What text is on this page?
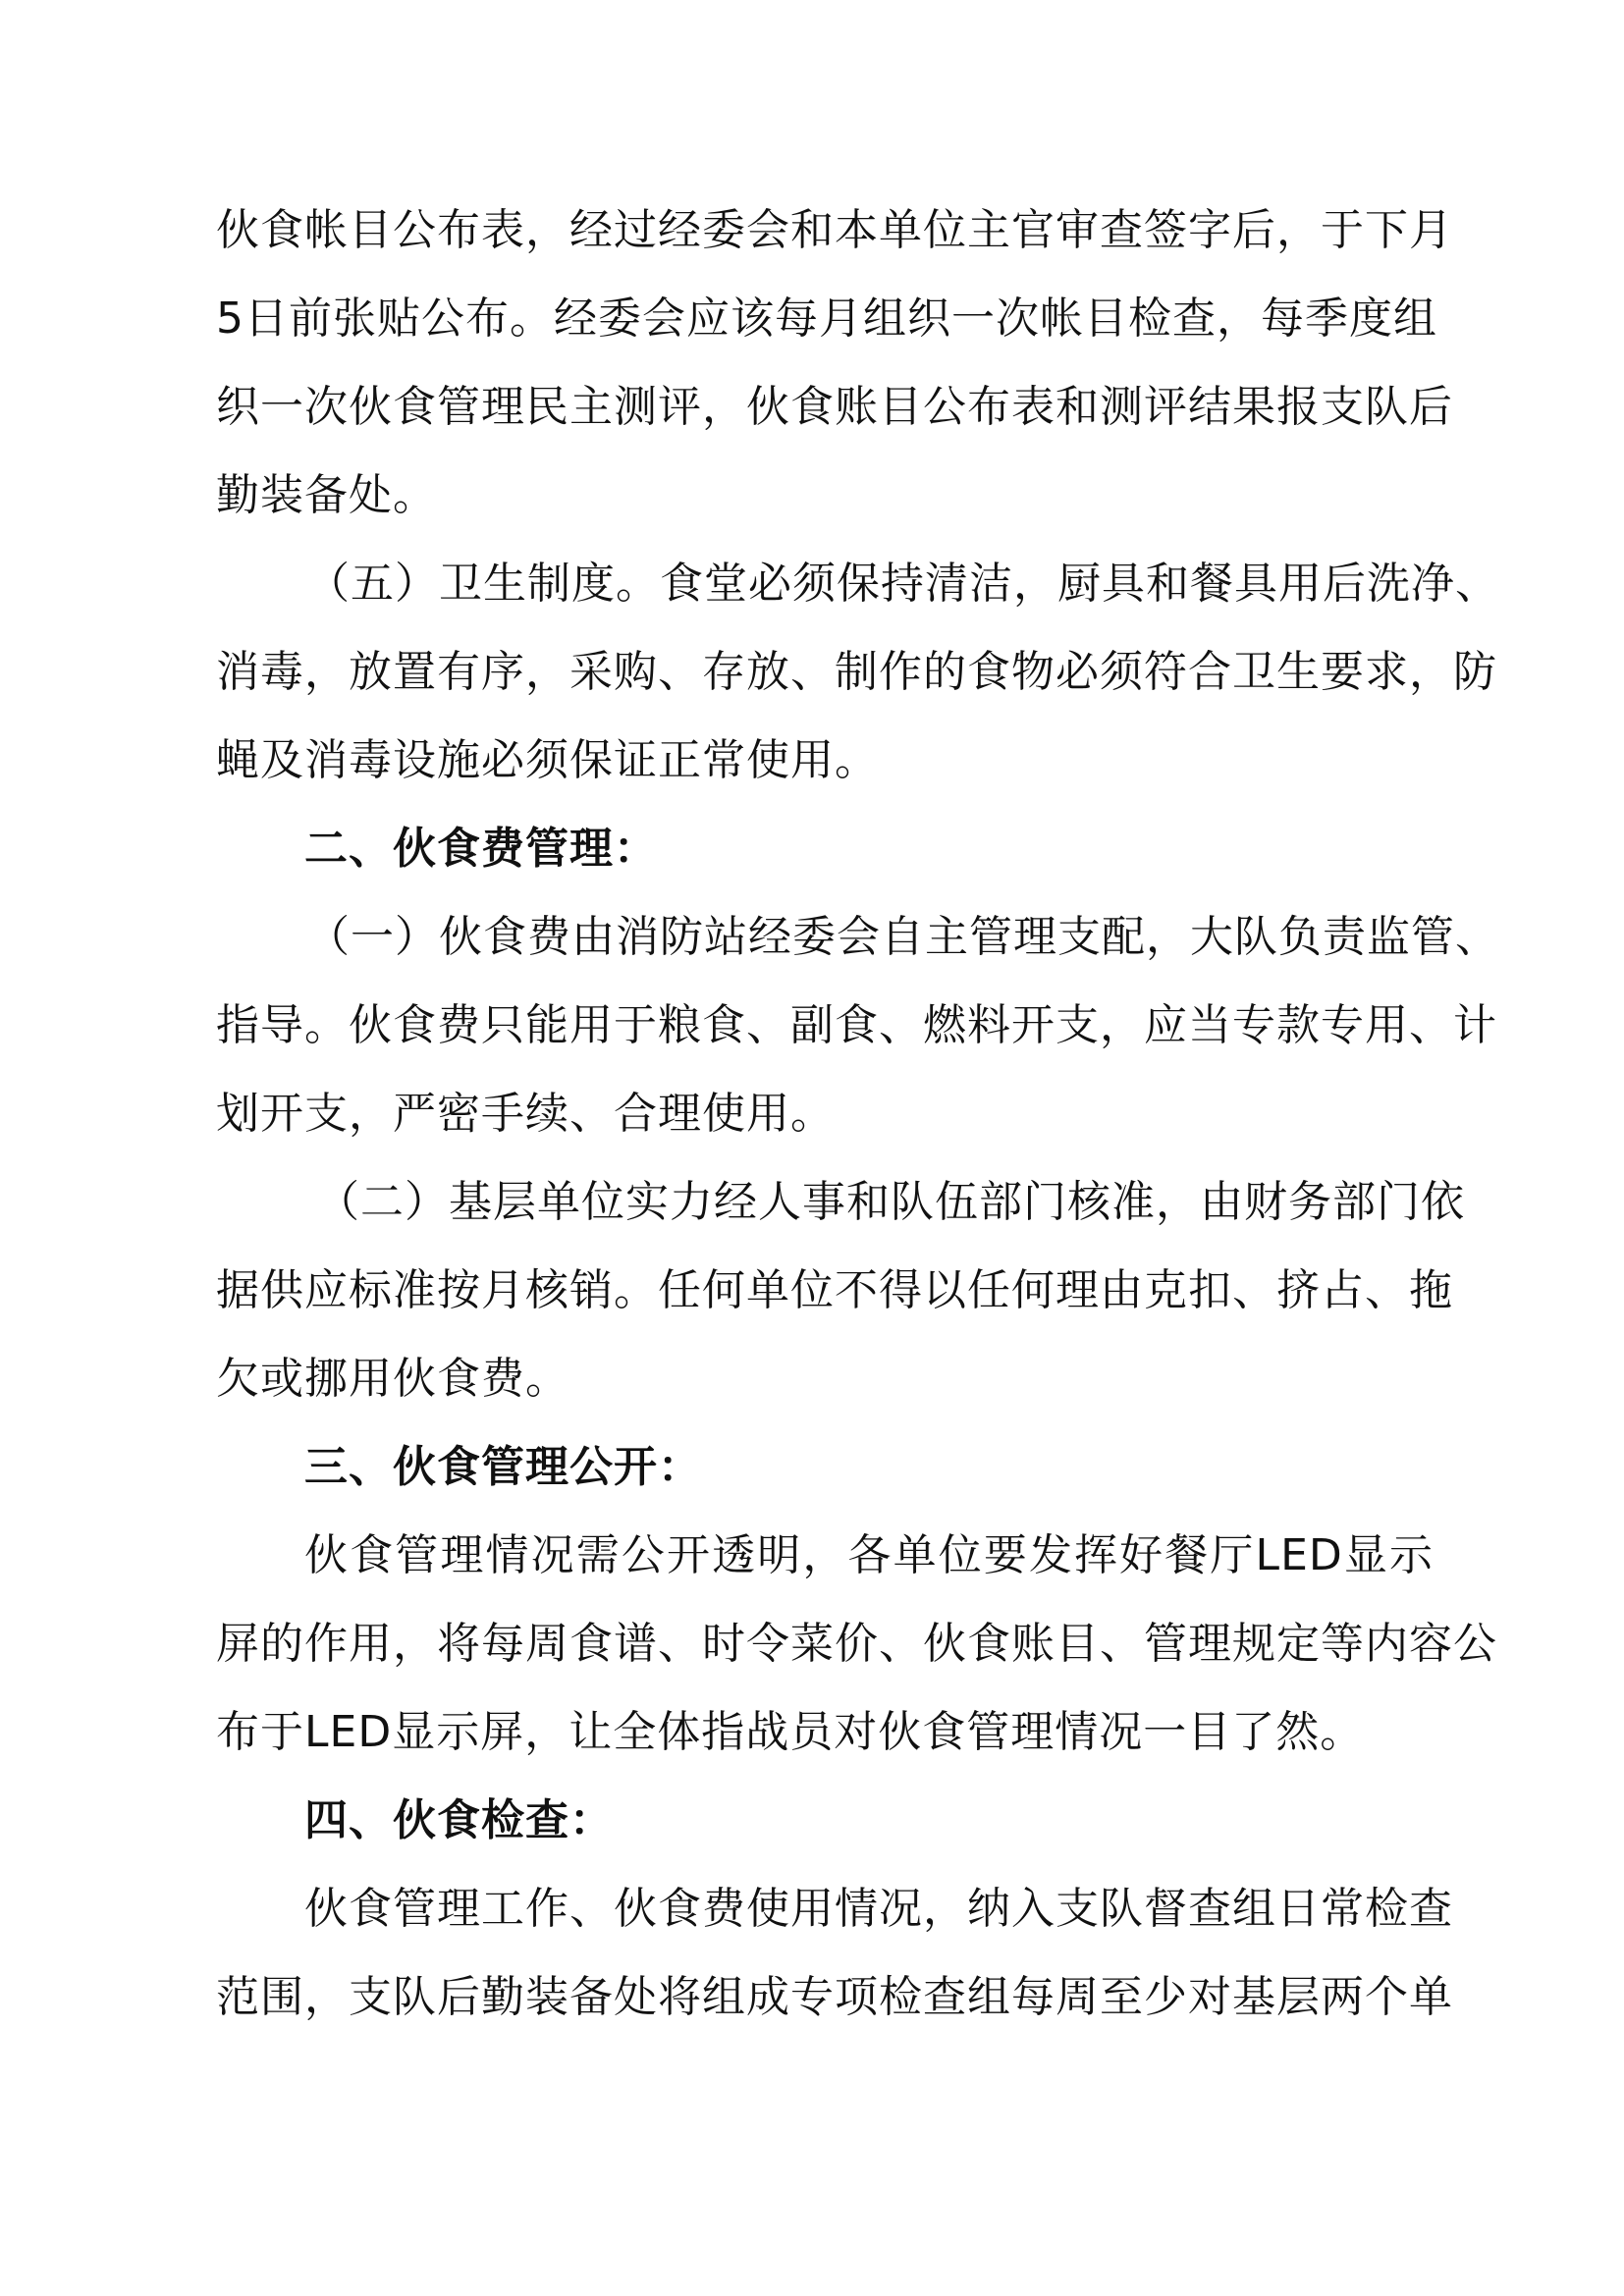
伙食帐目公布表，经过经委会和本单位主官审查签字后，于下月
5日前张贴公布。经委会应该每月组织一次帐目检查，每季度组
织一次伙食管理民主测评，伙食账目公布表和测评结果报支队后
勤装备处。
（五）卫生制度。食堂必须保持清洁，厨具和餐具用后洗净、
消毒，放置有序，采购、存放、制作的食物必须符合卫生要求，防
蝇及消毒设施必须保证正常使用。
二、伙食费管理：
（一）伙食费由消防站经委会自主管理支配，大队负责监管、
指导。伙食费只能用于粮食、副食、燃料开支，应当专款专用、计
划开支，严密手续、合理使用。
（二）基层单位实力经人事和队伍部门核准，由财务部门依
据供应标准按月核销。任何单位不得以任何理由克扣、挤占、拖
欠或挪用伙食费。
三、伙食管理公开：
伙食管理情况需公开透明，各单位要发挥好餐厅LED显示
屏的作用，将每周食谱、时令菜价、伙食账目、管理规定等内容公
布于LED显示屏，让全体指战员对伙食管理情况一目了然。
四、伙食检查：
伙食管理工作、伙食费使用情况，纳入支队督查组日常检查
范围，支队后勤装备处将组成专项检查组每周至少对基层两个单
